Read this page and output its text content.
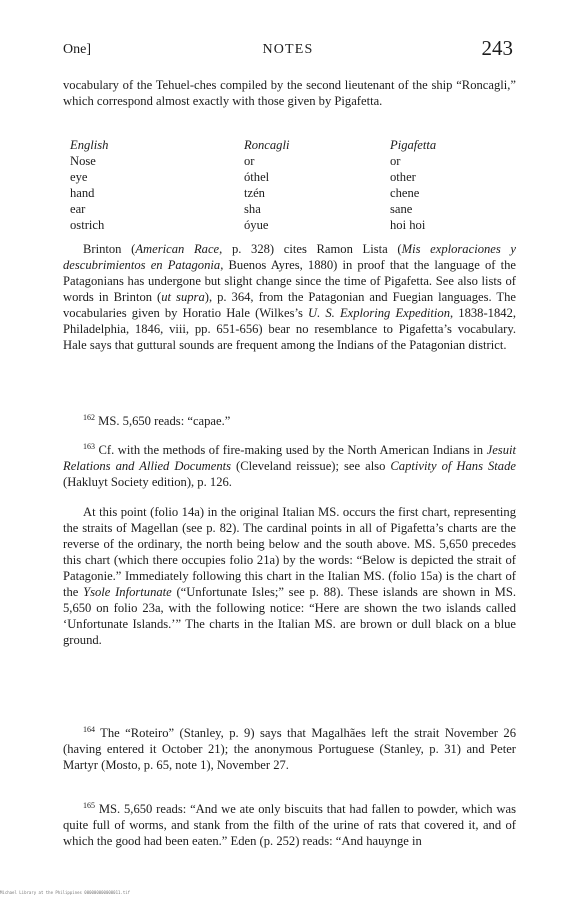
One]	NOTES	243

vocabulary of the Tehuel-ches compiled by the second lieutenant of the ship “Roncagli,” which correspond almost exactly with those given by Pigafetta.

English	Roncagli	Pigafetta
Nose	or	or
eye	óthel	other
hand	tzén	chene
ear	sha	sane
ostrich	óyue	hoi hoi

Brinton (American Race, p. 328) cites Ramon Lista (Mis exploraciones y descubrimientos en Patagonia, Buenos Ayres, 1880) in proof that the language of the Patagonians has undergone but slight change since the time of Pigafetta. See also lists of words in Brinton (ut supra), p. 364, from the Patagonian and Fuegian languages. The vocabularies given by Horatio Hale (Wilkes’s U. S. Exploring Expedition, 1838-1842, Philadelphia, 1846, viii, pp. 651-656) bear no resemblance to Pigafetta’s vocabulary. Hale says that guttural sounds are frequent among the Indians of the Patagonian district.

$^{162}$ MS. 5,650 reads: “capae.”

$^{163}$ Cf. with the methods of fire-making used by the North American Indians in Jesuit Relations and Allied Documents (Cleveland reissue); see also Captivity of Hans Stade (Hakluyt Society edition), p. 126.

At this point (folio 14a) in the original Italian MS. occurs the first chart, representing the straits of Magellan (see p. 82). The cardinal points in all of Pigafetta’s charts are the reverse of the ordinary, the north being below and the south above. MS. 5,650 precedes this chart (which there occupies folio 21a) by the words: “Below is depicted the strait of Patagonie.” Immediately following this chart in the Italian MS. (folio 15a) is the chart of the Ysole Infortunate (“Unfortunate Isles;” see p. 88). These islands are shown in MS. 5,650 on folio 23a, with the following notice: “Here are shown the two islands called ‘Unfortunate Islands.’” The charts in the Italian MS. are brown or dull black on a blue ground.

$^{164}$ The “Roteiro” (Stanley, p. 9) says that Magalhães left the strait November 26 (having entered it October 21); the anonymous Portuguese (Stanley, p. 31) and Peter Martyr (Mosto, p. 65, note 1), November 27.

$^{165}$ MS. 5,650 reads: “And we ate only biscuits that had fallen to powder, which was quite full of worms, and stank from the filth of the urine of rats that covered it, and of which the good had been eaten.” Eden (p. 252) reads: “And hauynge in

Michael Library at the Philippines 000000000000011.tif
